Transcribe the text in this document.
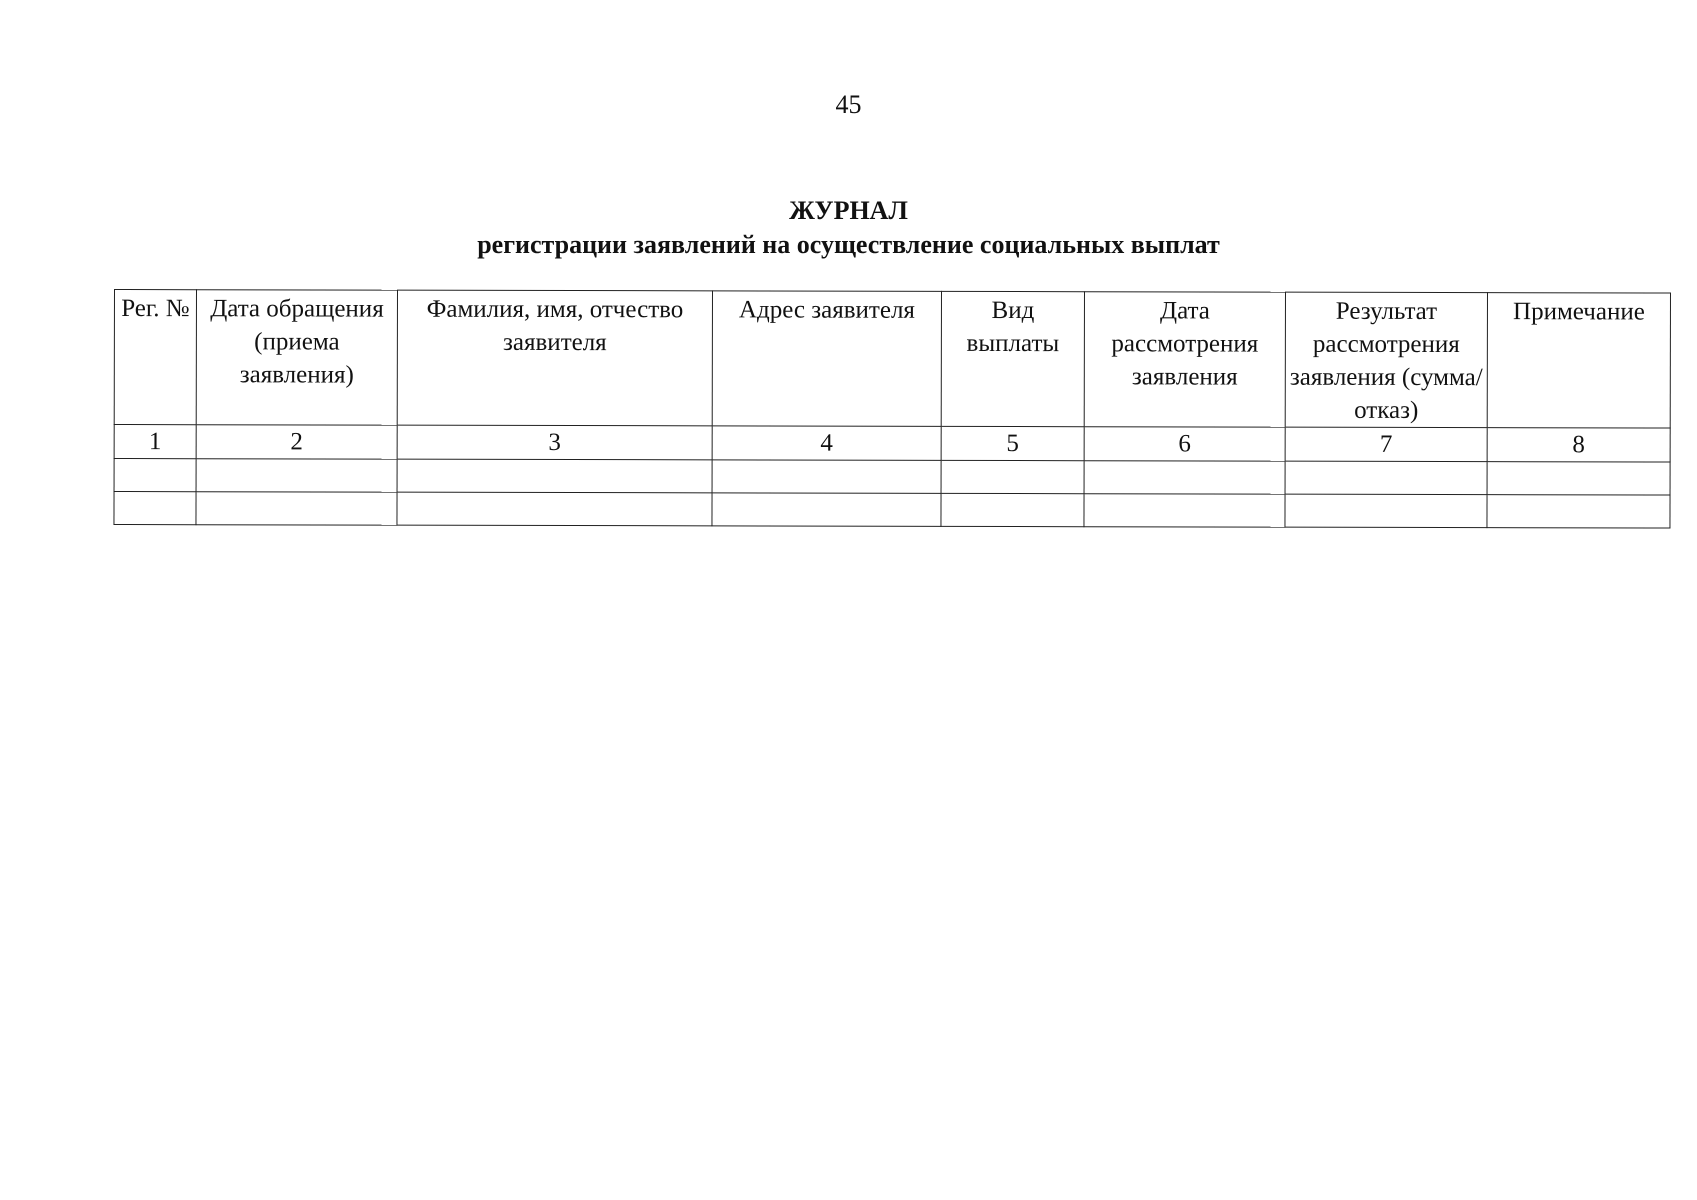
45
ЖУРНАЛ
регистрации заявлений на осуществление социальных выплат
Рег. №	Дата обращения (приема заявления)	Фамилия, имя, отчество заявителя	Адрес заявителя	Вид выплаты	Дата рассмотрения заявления	Результат рассмотрения заявления (сумма/отказ)	Примечание
1	2	3	4	5	6	7	8
